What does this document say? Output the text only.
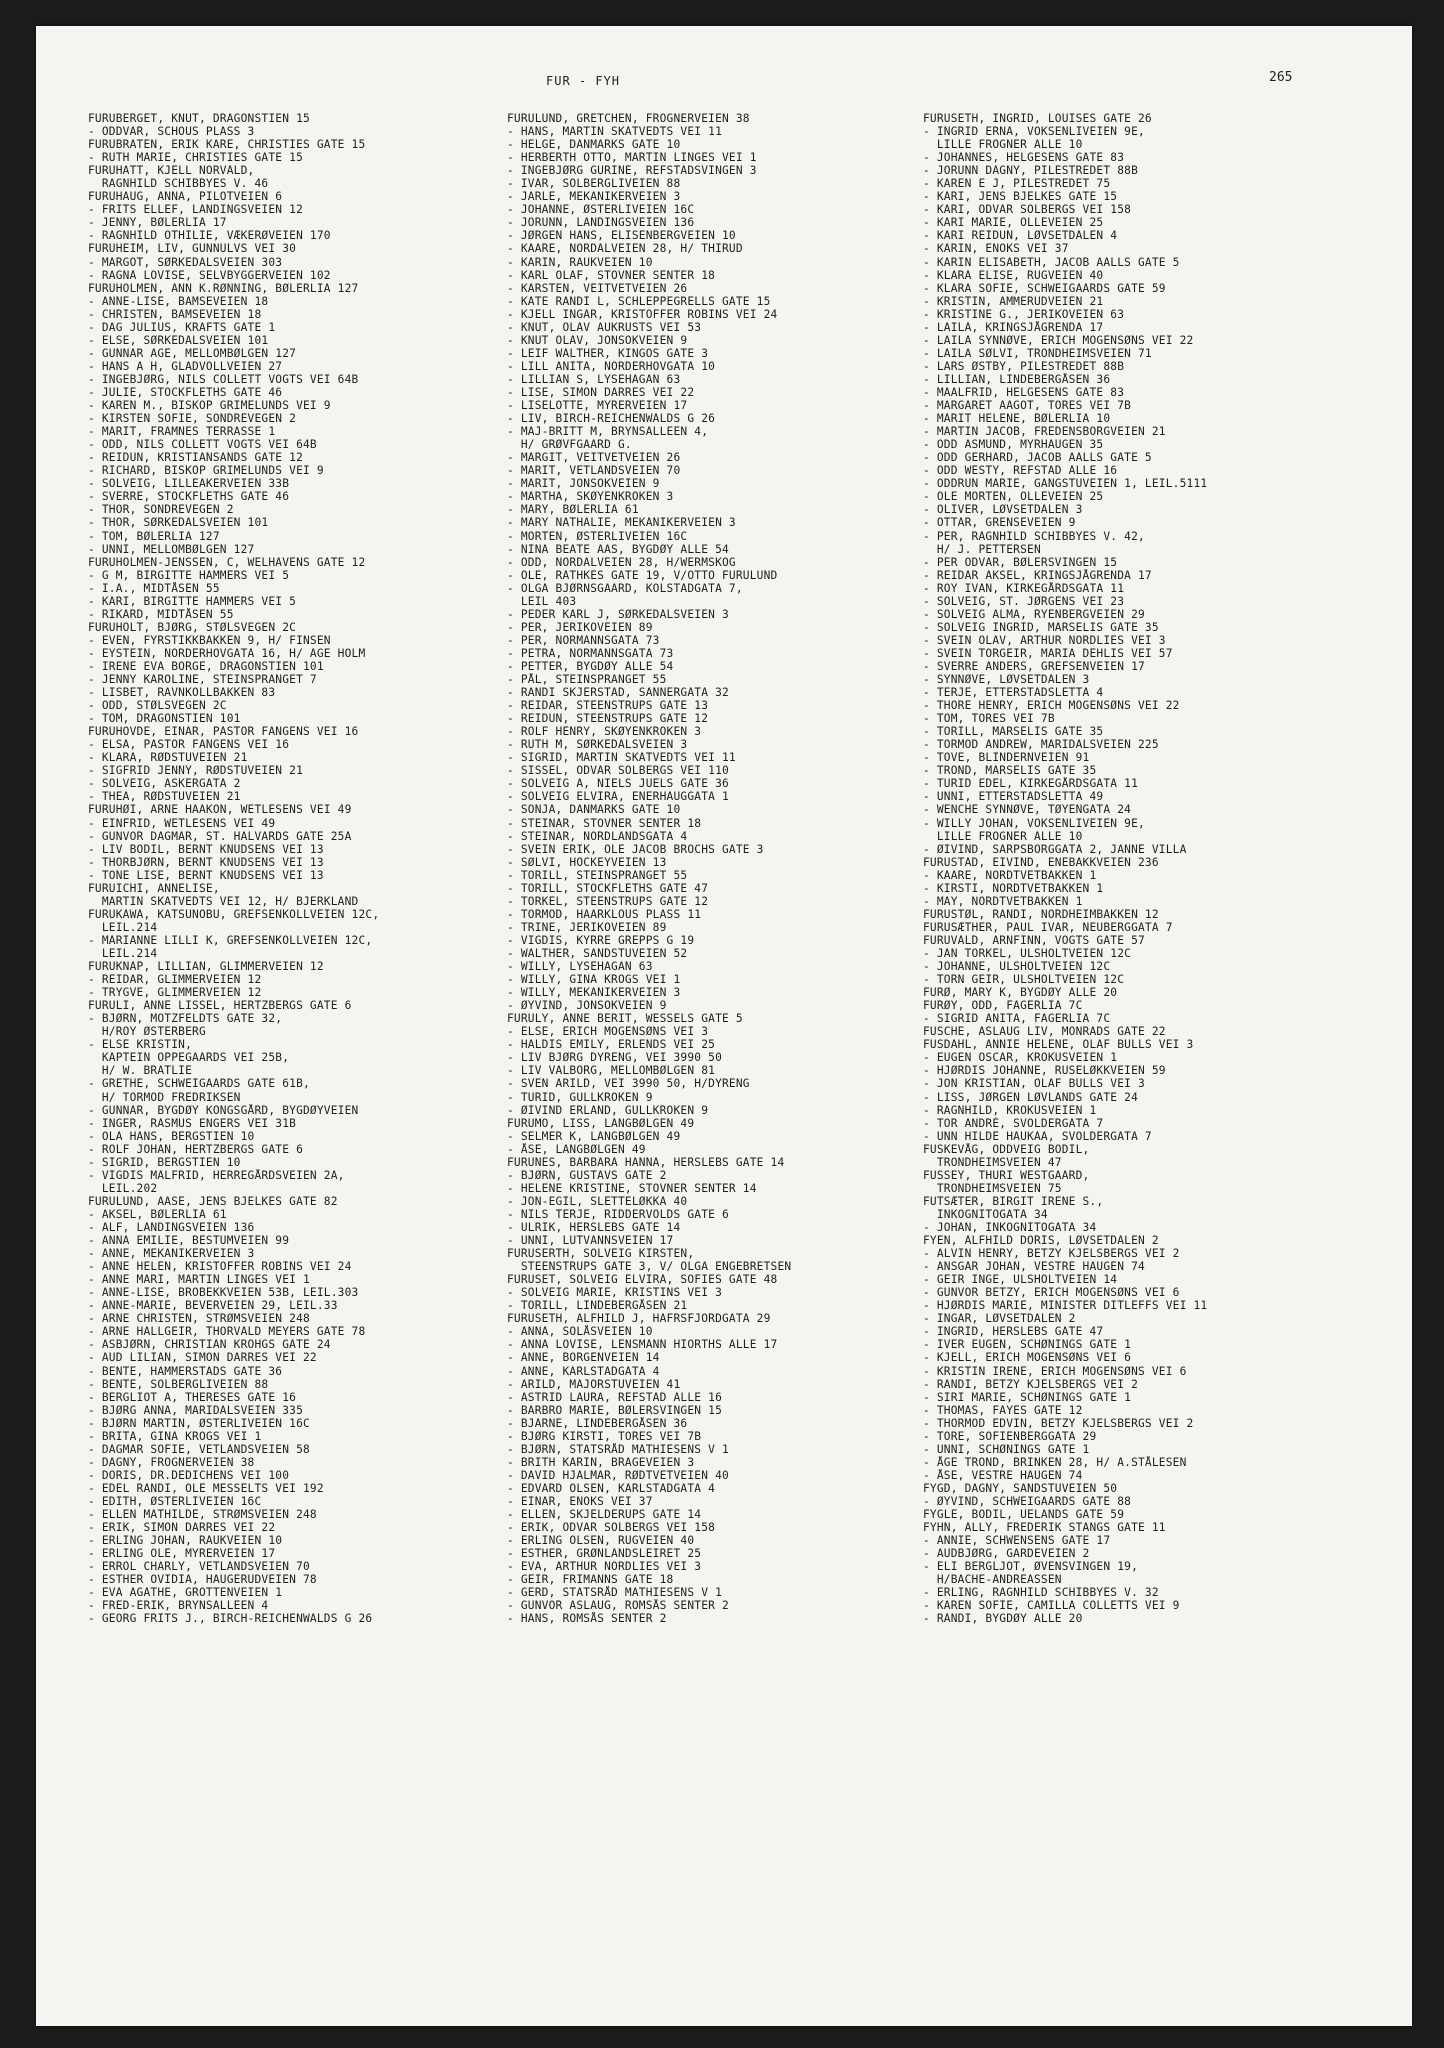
FUR - FYH	265
FURUBERGET, KNUT, DRAGONSTIEN 15
- ODDVAR, SCHOUS PLASS 3
FURUBRATEN, ERIK KARE, CHRISTIES GATE 15
- RUTH MARIE, CHRISTIES GATE 15
FURUHATT, KJELL NORVALD,
RAGNHILD SCHIBBYES V. 46
FURUHAUG, ANNA, PILOTVEIEN 6
- FRITS ELLEF, LANDINGSVEIEN 12
- JENNY, BØLERLIA 17
- RAGNHILD OTHILIE, VÆKERØVEIEN 170
FURUHEIM, LIV, GUNNULVS VEI 30
- MARGOT, SØRKEDALSVEIEN 303
- RAGNA LOVISE, SELVBYGGERVEIEN 102
FURUHOLMEN, ANN K.RØNNING, BØLERLIA 127
- ANNE-LISE, BAMSEVEIEN 18
- CHRISTEN, BAMSEVEIEN 18
- DAG JULIUS, KRAFTS GATE 1
- ELSE, SØRKEDALSVEIEN 101
- GUNNAR AGE, MELLOMBØLGEN 127
- HANS A H, GLADVOLLVEIEN 27
- INGEBJØRG, NILS COLLETT VOGTS VEI 64B
- JULIE, STOCKFLETHS GATE 46
- KAREN M., BISKOP GRIMELUNDS VEI 9
- KIRSTEN SOFIE, SONDREVEGEN 2
- MARIT, FRAMNES TERRASSE 1
- ODD, NILS COLLETT VOGTS VEI 64B
- REIDUN, KRISTIANSANDS GATE 12
- RICHARD, BISKOP GRIMELUNDS VEI 9
- SOLVEIG, LILLEAKERVEIEN 33B
- SVERRE, STOCKFLETHS GATE 46
- THOR, SONDREVEGEN 2
- THOR, SØRKEDALSVEIEN 101
- TOM, BØLERLIA 127
- UNNI, MELLOMBØLGEN 127
FURUHOLMEN-JENSSEN, C, WELHAVENS GATE 12
- G M, BIRGITTE HAMMERS VEI 5
- I.A., MIDTÅSEN 55
- KARI, BIRGITTE HAMMERS VEI 5
- RIKARD, MIDTÅSEN 55
FURUHOLT, BJØRG, STØLSVEGEN 2C
- EVEN, FYRSTIKKBAKKEN 9, H/ FINSEN
- EYSTEIN, NORDERHOVGATA 16, H/ AGE HOLM
- IRENE EVA BORGE, DRAGONSTIEN 101
- JENNY KAROLINE, STEINSPRANGET 7
- LISBET, RAVNKOLLBAKKEN 83
- ODD, STØLSVEGEN 2C
- TOM, DRAGONSTIEN 101
FURUHOVDE, EINAR, PASTOR FANGENS VEI 16
- ELSA, PASTOR FANGENS VEI 16
- KLARA, RØDSTUVEIEN 21
- SIGFRID JENNY, RØDSTUVEIEN 21
- SOLVEIG, ASKERGATA 2
- THEA, RØDSTUVEIEN 21
FURUHØI, ARNE HAAKON, WETLESENS VEI 49
- EINFRID, WETLESENS VEI 49
- GUNVOR DAGMAR, ST. HALVARDS GATE 25A
- LIV BODIL, BERNT KNUDSENS VEI 13
- THORBJØRN, BERNT KNUDSENS VEI 13
- TONE LISE, BERNT KNUDSENS VEI 13
FURUICHI, ANNELISE,
MARTIN SKATVEDTS VEI 12, H/ BJERKLAND
FURUKAWA, KATSUNOBU, GREFSENKOLLVEIEN 12C,
LEIL.214
- MARIANNE LILLI K, GREFSENKOLLVEIEN 12C,
LEIL.214
FURUKNAP, LILLIAN, GLIMMERVEIEN 12
- REIDAR, GLIMMERVEIEN 12
- TRYGVE, GLIMMERVEIEN 12
FURULI, ANNE LISSEL, HERTZBERGS GATE 6
- BJØRN, MOTZFELDTS GATE 32,
H/ROY ØSTERBERG
- ELSE KRISTIN,
KAPTEIN OPPEGAARDS VEI 25B,
H/ W. BRATLIE
- GRETHE, SCHWEIGAARDS GATE 61B,
H/ TORMOD FREDRIKSEN
- GUNNAR, BYGDØY KONGSGÅRD, BYGDØYVEIEN
- INGER, RASMUS ENGERS VEI 31B
- OLA HANS, BERGSTIEN 10
- ROLF JOHAN, HERTZBERGS GATE 6
- SIGRID, BERGSTIEN 10
- VIGDIS MALFRID, HERREGÅRDSVEIEN 2A,
LEIL.202
FURULUND, AASE, JENS BJELKES GATE 82
- AKSEL, BØLERLIA 61
- ALF, LANDINGSVEIEN 136
- ANNA EMILIE, BESTUMVEIEN 99
- ANNE, MEKANIKERVEIEN 3
- ANNE HELEN, KRISTOFFER ROBINS VEI 24
- ANNE MARI, MARTIN LINGES VEI 1
- ANNE-LISE, BROBEKKVEIEN 53B, LEIL.303
- ANNE-MARIE, BEVERVEIEN 29, LEIL.33
- ARNE CHRISTEN, STRØMSVEIEN 248
- ARNE HALLGEIR, THORVALD MEYERS GATE 78
- ASBJØRN, CHRISTIAN KROHGS GATE 24
- AUD LILIAN, SIMON DARRES VEI 22
- BENTE, HAMMERSTADS GATE 36
- BENTE, SOLBERGLIVEIEN 88
- BERGLIOT A, THERESES GATE 16
- BJØRG ANNA, MARIDALSVEIEN 335
- BJØRN MARTIN, ØSTERLIVEIEN 16C
- BRITA, GINA KROGS VEI 1
- DAGMAR SOFIE, VETLANDSVEIEN 58
- DAGNY, FROGNERVEIEN 38
- DORIS, DR.DEDICHENS VEI 100
- EDEL RANDI, OLE MESSELTS VEI 192
- EDITH, ØSTERLIVEIEN 16C
- ELLEN MATHILDE, STRØMSVEIEN 248
- ERIK, SIMON DARRES VEI 22
- ERLING JOHAN, RAUKVEIEN 10
- ERLING OLE, MYRERVEIEN 17
- ERROL CHARLY, VETLANDSVEIEN 70
- ESTHER OVIDIA, HAUGERUDVEIEN 78
- EVA AGATHE, GROTTENVEIEN 1
- FRED-ERIK, BRYNSALLEEN 4
- GEORG FRITS J., BIRCH-REICHENWALDS G 26
FURULUND, GRETCHEN, FROGNERVEIEN 38
- HANS, MARTIN SKATVEDTS VEI 11
- HELGE, DANMARKS GATE 10
- HERBERTH OTTO, MARTIN LINGES VEI 1
- INGEBJØRG GURINE, REFSTADSVINGEN 3
- IVAR, SOLBERGLIVEIEN 88
- JARLE, MEKANIKERVEIEN 3
- JOHANNE, ØSTERLIVEIEN 16C
- JORUNN, LANDINGSVEIEN 136
- JØRGEN HANS, ELISENBERGVEIEN 10
- KAARE, NORDALVEIEN 28, H/ THIRUD
- KARIN, RAUKVEIEN 10
- KARL OLAF, STOVNER SENTER 18
- KARSTEN, VEITVETVEIEN 26
- KATE RANDI L, SCHLEPPEGRELLS GATE 15
- KJELL INGAR, KRISTOFFER ROBINS VEI 24
- KNUT, OLAV AUKRUSTS VEI 53
- KNUT OLAV, JONSOKVEIEN 9
- LEIF WALTHER, KINGOS GATE 3
- LILL ANITA, NORDERHOVGATA 10
- LILLIAN S, LYSEHAGAN 63
- LISE, SIMON DARRES VEI 22
- LISELOTTE, MYRERVEIEN 17
- LIV, BIRCH-REICHENWALDS G 26
- MAJ-BRITT M, BRYNSALLEEN 4,
H/ GRØVFGAARD G.
- MARGIT, VEITVETVEIEN 26
- MARIT, VETLANDSVEIEN 70
- MARIT, JONSOKVEIEN 9
- MARTHA, SKØYENKROKEN 3
- MARY, BØLERLIA 61
- MARY NATHALIE, MEKANIKERVEIEN 3
- MORTEN, ØSTERLIVEIEN 16C
- NINA BEATE AAS, BYGDØY ALLE 54
- ODD, NORDALVEIEN 28, H/WERMSKOG
- OLE, RATHKES GATE 19, V/OTTO FURULUND
- OLGA BJØRNSGAARD, KOLSTADGATA 7,
LEIL 403
- PEDER KARL J, SØRKEDALSVEIEN 3
- PER, JERIKOVEIEN 89
- PER, NORMANNSGATA 73
- PETRA, NORMANNSGATA 73
- PETTER, BYGDØY ALLE 54
- PÅL, STEINSPRANGET 55
- RANDI SKJERSTAD, SANNERGATA 32
- REIDAR, STEENSTRUPS GATE 13
- REIDUN, STEENSTRUPS GATE 12
- ROLF HENRY, SKØYENKROKEN 3
- RUTH M, SØRKEDALSVEIEN 3
- SIGRID, MARTIN SKATVEDTS VEI 11
- SISSEL, ODVAR SOLBERGS VEI 110
- SOLVEIG A, NIELS JUELS GATE 36
- SOLVEIG ELVIRA, ENERHAUGGATA 1
- SONJA, DANMARKS GATE 10
- STEINAR, STOVNER SENTER 18
- STEINAR, NORDLANDSGATA 4
- SVEIN ERIK, OLE JACOB BROCHS GATE 3
- SØLVI, HOCKEYVEIEN 13
- TORILL, STEINSPRANGET 55
- TORILL, STOCKFLETHS GATE 47
- TORKEL, STEENSTRUPS GATE 12
- TORMOD, HAARKLOUS PLASS 11
- TRINE, JERIKOVEIEN 89
- VIGDIS, KYRRE GREPPS G 19
- WALTHER, SANDSTUVEIEN 52
- WILLY, LYSEHAGAN 63
- WILLY, GINA KROGS VEI 1
- WILLY, MEKANIKERVEIEN 3
- ØYVIND, JONSOKVEIEN 9
FURULY, ANNE BERIT, WESSELS GATE 5
- ELSE, ERICH MOGENSØNS VEI 3
- HALDIS EMILY, ERLENDS VEI 25
- LIV BJØRG DYRENG, VEI 3990 50
- LIV VALBORG, MELLOMBØLGEN 81
- SVEN ARILD, VEI 3990 50, H/DYRENG
- TURID, GULLKROKEN 9
- ØIVIND ERLAND, GULLKROKEN 9
FURUMO, LISS, LANGBØLGEN 49
- SELMER K, LANGBØLGEN 49
- ÅSE, LANGBØLGEN 49
FURUNES, BARBARA HANNA, HERSLEBS GATE 14
- BJØRN, GUSTAVS GATE 2
- HELENE KRISTINE, STOVNER SENTER 14
- JON-EGIL, SLETTELØKKA 40
- NILS TERJE, RIDDERVOLDS GATE 6
- ULRIK, HERSLEBS GATE 14
- UNNI, LUTVANNSVEIEN 17
FURUSERTH, SOLVEIG KIRSTEN,
STEENSTRUPS GATE 3, V/ OLGA ENGEBRETSEN
FURUSET, SOLVEIG ELVIRA, SOFIES GATE 48
- SOLVEIG MARIE, KRISTINS VEI 3
- TORILL, LINDEBERGÅSEN 21
FURUSETH, ALFHILD J, HAFRSFJORDGATA 29
- ANNA, SOLÅSVEIEN 10
- ANNA LOVISE, LENSMANN HIORTHS ALLE 17
- ANNE, BORGENVEIEN 14
- ANNE, KARLSTADGATA 4
- ARILD, MAJORSTUVEIEN 41
- ASTRID LAURA, REFSTAD ALLE 16
- BARBRO MARIE, BØLERSVINGEN 15
- BJARNE, LINDEBERGÅSEN 36
- BJØRG KIRSTI, TORES VEI 7B
- BJØRN, STATSRÅD MATHIESENS V 1
- BRITH KARIN, BRAGEVEIEN 3
- DAVID HJALMAR, RØDTVETVEIEN 40
- EDVARD OLSEN, KARLSTADGATA 4
- EINAR, ENOKS VEI 37
- ELLEN, SKJELDERUPS GATE 14
- ERIK, ODVAR SOLBERGS VEI 158
- ERLING OLSEN, RUGVEIEN 40
- ESTHER, GRØNLANDSLEIRET 25
- EVA, ARTHUR NORDLIES VEI 3
- GEIR, FRIMANNS GATE 18
- GERD, STATSRÅD MATHIESENS V 1
- GUNVOR ASLAUG, ROMSÅS SENTER 2
- HANS, ROMSÅS SENTER 2
FURUSETH, INGRID, LOUISES GATE 26
- INGRID ERNA, VOKSENLIVEIEN 9E,
LILLE FROGNER ALLE 10
- JOHANNES, HELGESENS GATE 83
- JORUNN DAGNY, PILESTREDET 88B
- KAREN E J, PILESTREDET 75
- KARI, JENS BJELKES GATE 15
- KARI, ODVAR SOLBERGS VEI 158
- KARI MARIE, OLLEVEIEN 25
- KARI REIDUN, LØVSETDALEN 4
- KARIN, ENOKS VEI 37
- KARIN ELISABETH, JACOB AALLS GATE 5
- KLARA ELISE, RUGVEIEN 40
- KLARA SOFIE, SCHWEIGAARDS GATE 59
- KRISTIN, AMMERUDVEIEN 21
- KRISTINE G., JERIKOVEIEN 63
- LAILA, KRINGSJÅGRENDA 17
- LAILA SYNNØVE, ERICH MOGENSØNS VEI 22
- LAILA SØLVI, TRONDHEIMSVEIEN 71
- LARS ØSTBY, PILESTREDET 88B
- LILLIAN, LINDEBERGÅSEN 36
- MAALFRID, HELGESENS GATE 83
- MARGARET AAGOT, TORES VEI 7B
- MARIT HELENE, BØLERLIA 10
- MARTIN JACOB, FREDENSBORGVEIEN 21
- ODD ASMUND, MYRHAUGEN 35
- ODD GERHARD, JACOB AALLS GATE 5
- ODD WESTY, REFSTAD ALLE 16
- ODDRUN MARIE, GANGSTUVEIEN 1, LEIL.5111
- OLE MORTEN, OLLEVEIEN 25
- OLIVER, LØVSETDALEN 3
- OTTAR, GRENSEVEIEN 9
- PER, RAGNHILD SCHIBBYES V. 42,
H/ J. PETTERSEN
- PER ODVAR, BØLERSVINGEN 15
- REIDAR AKSEL, KRINGSJÅGRENDA 17
- ROY IVAN, KIRKEGÅRDSGATA 11
- SOLVEIG, ST. JØRGENS VEI 23
- SOLVEIG ALMA, RYENBERGVEIEN 29
- SOLVEIG INGRID, MARSELIS GATE 35
- SVEIN OLAV, ARTHUR NORDLIES VEI 3
- SVEIN TORGEIR, MARIA DEHLIS VEI 57
- SVERRE ANDERS, GREFSENVEIEN 17
- SYNNØVE, LØVSETDALEN 3
- TERJE, ETTERSTADSLETTA 4
- THORE HENRY, ERICH MOGENSØNS VEI 22
- TOM, TORES VEI 7B
- TORILL, MARSELIS GATE 35
- TORMOD ANDREW, MARIDALSVEIEN 225
- TOVE, BLINDERNVEIEN 91
- TROND, MARSELIS GATE 35
- TURID EDEL, KIRKEGÅRDSGATA 11
- UNNI, ETTERSTADSLETTA 49
- WENCHE SYNNØVE, TØYENGATA 24
- WILLY JOHAN, VOKSENLIVEIEN 9E,
LILLE FROGNER ALLE 10
- ØIVIND, SARPSBORGGATA 2, JANNE VILLA
FURUSTAD, EIVIND, ENEBAKKVEIEN 236
- KAARE, NORDTVETBAKKEN 1
- KIRSTI, NORDTVETBAKKEN 1
- MAY, NORDTVETBAKKEN 1
FURUSTØL, RANDI, NORDHEIMBAKKEN 12
FURUSÆTHER, PAUL IVAR, NEUBERGGATA 7
FURUVALD, ARNFINN, VOGTS GATE 57
- JAN TORKEL, ULSHOLTVEIEN 12C
- JOHANNE, ULSHOLTVEIEN 12C
- TORN GEIR, ULSHOLTVEIEN 12C
FURØ, MARY K, BYGDØY ALLE 20
FURØY, ODD, FAGERLIA 7C
- SIGRID ANITA, FAGERLIA 7C
FUSCHE, ASLAUG LIV, MONRADS GATE 22
FUSDAHL, ANNIE HELENE, OLAF BULLS VEI 3
- EUGEN OSCAR, KROKUSVEIEN 1
- HJØRDIS JOHANNE, RUSELØKKVEIEN 59
- JON KRISTIAN, OLAF BULLS VEI 3
- LISS, JØRGEN LØVLANDS GATE 24
- RAGNHILD, KROKUSVEIEN 1
- TOR ANDRÉ, SVOLDERGATA 7
- UNN HILDE HAUKAA, SVOLDERGATA 7
FUSKEVÅG, ODDVEIG BODIL,
TRONDHEIMSVEIEN 47
FUSSEY, THURI WESTGAARD,
TRONDHEIMSVEIEN 75
FUTSÆTER, BIRGIT IRENE S.,
INKOGNITOGATA 34
- JOHAN, INKOGNITOGATA 34
FYEN, ALFHILD DORIS, LØVSETDALEN 2
- ALVIN HENRY, BETZY KJELSBERGS VEI 2
- ANSGAR JOHAN, VESTRE HAUGEN 74
- GEIR INGE, ULSHOLTVEIEN 14
- GUNVOR BETZY, ERICH MOGENSØNS VEI 6
- HJØRDIS MARIE, MINISTER DITLEFFS VEI 11
- INGAR, LØVSETDALEN 2
- INGRID, HERSLEBS GATE 47
- IVER EUGEN, SCHØNINGS GATE 1
- KJELL, ERICH MOGENSØNS VEI 6
- KRISTIN IRENE, ERICH MOGENSØNS VEI 6
- RANDI, BETZY KJELSBERGS VEI 2
- SIRI MARIE, SCHØNINGS GATE 1
- THOMAS, FAYES GATE 12
- THORMOD EDVIN, BETZY KJELSBERGS VEI 2
- TORE, SOFIENBERGGATA 29
- UNNI, SCHØNINGS GATE 1
- ÅGE TROND, BRINKEN 28, H/ A.STÅLESEN
- ÅSE, VESTRE HAUGEN 74
FYGD, DAGNY, SANDSTUVEIEN 50
- ØYVIND, SCHWEIGAARDS GATE 88
FYGLE, BODIL, UELANDS GATE 59
FYHN, ALLY, FREDERIK STANGS GATE 11
- ANNIE, SCHWENSENS GATE 17
- AUDBJØRG, GARDEVEIEN 2
- ELI BERGLJOT, ØVENSVINGEN 19,
H/BACHE-ANDREASSEN
- ERLING, RAGNHILD SCHIBBYES V. 32
- KAREN SOFIE, CAMILLA COLLETTS VEI 9
- RANDI, BYGDØY ALLE 20
